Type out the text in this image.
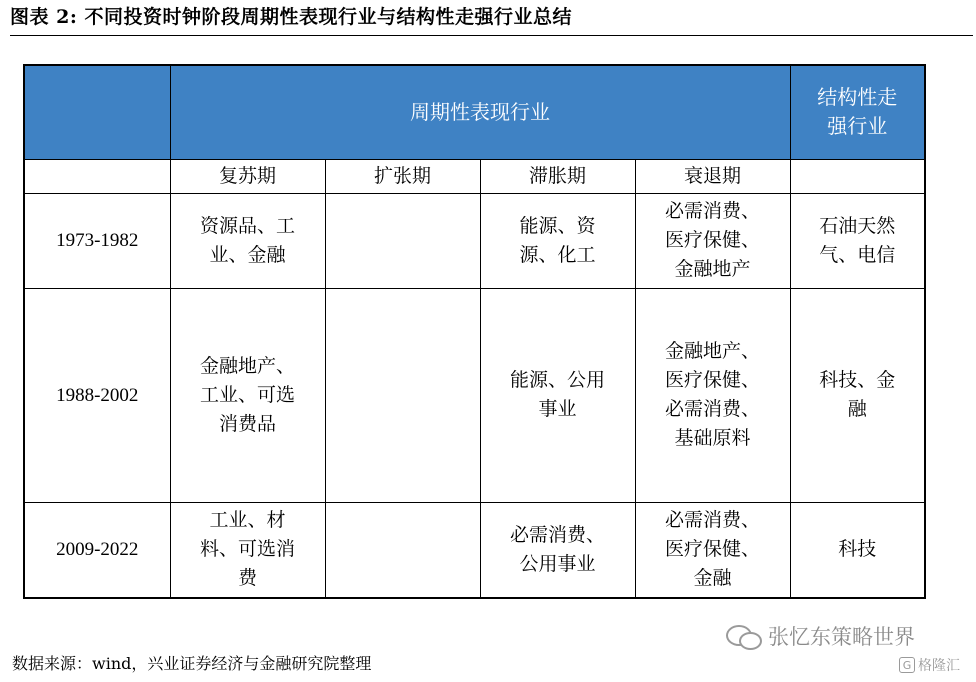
图表 2: 不同投资时钟阶段周期性表现行业与结构性走强行业总结
	周期性表现行业				结构性走
强行业
	复苏期	扩张期	滞胀期	衰退期	
1973-1982	资源品、工
业、金融		能源、资
源、化工	必需消费、
医疗保健、
金融地产	石油天然
气、电信
1988-2002	金融地产、
工业、可选
消费品		能源、公用
事业	金融地产、
医疗保健、
必需消费、
基础原料	科技、金
融
2009-2022	工业、材
料、可选消
费		必需消费、
公用事业	必需消费、
医疗保健、
金融	科技
张忆东策略世界
数据来源：wind，兴业证券经济与金融研究院整理	G 格隆汇
